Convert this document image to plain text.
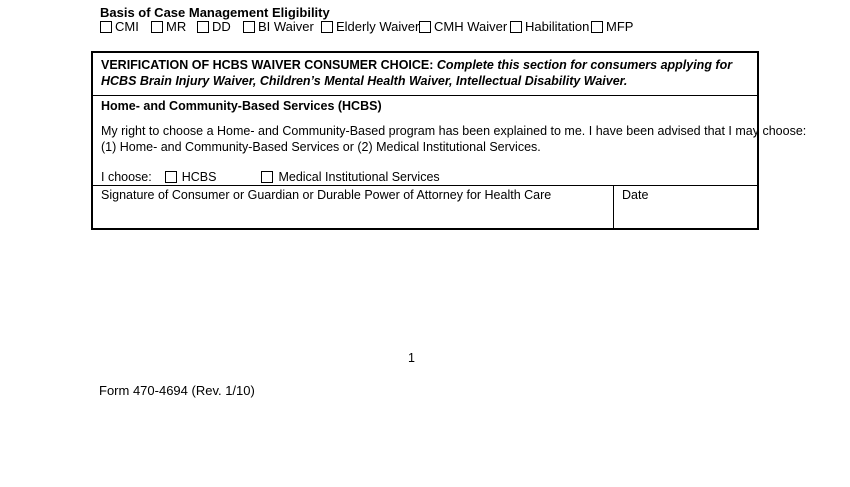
Basis of Case Management Eligibility
CMI MR DD BI Waiver Elderly Waiver CMH Waiver Habilitation MFP
VERIFICATION OF HCBS WAIVER CONSUMER CHOICE: Complete this section for consumers applying for HCBS Brain Injury Waiver, Children’s Mental Health Waiver, Intellectual Disability Waiver.
Home- and Community-Based Services (HCBS)
My right to choose a Home- and Community-Based program has been explained to me. I have been advised that I may choose:
(1) Home- and Community-Based Services or (2) Medical Institutional Services.
I choose: HCBS	Medical Institutional Services
Signature of Consumer or Guardian or Durable Power of Attorney for Health Care	Date
1
Form 470-4694 (Rev. 1/10)
